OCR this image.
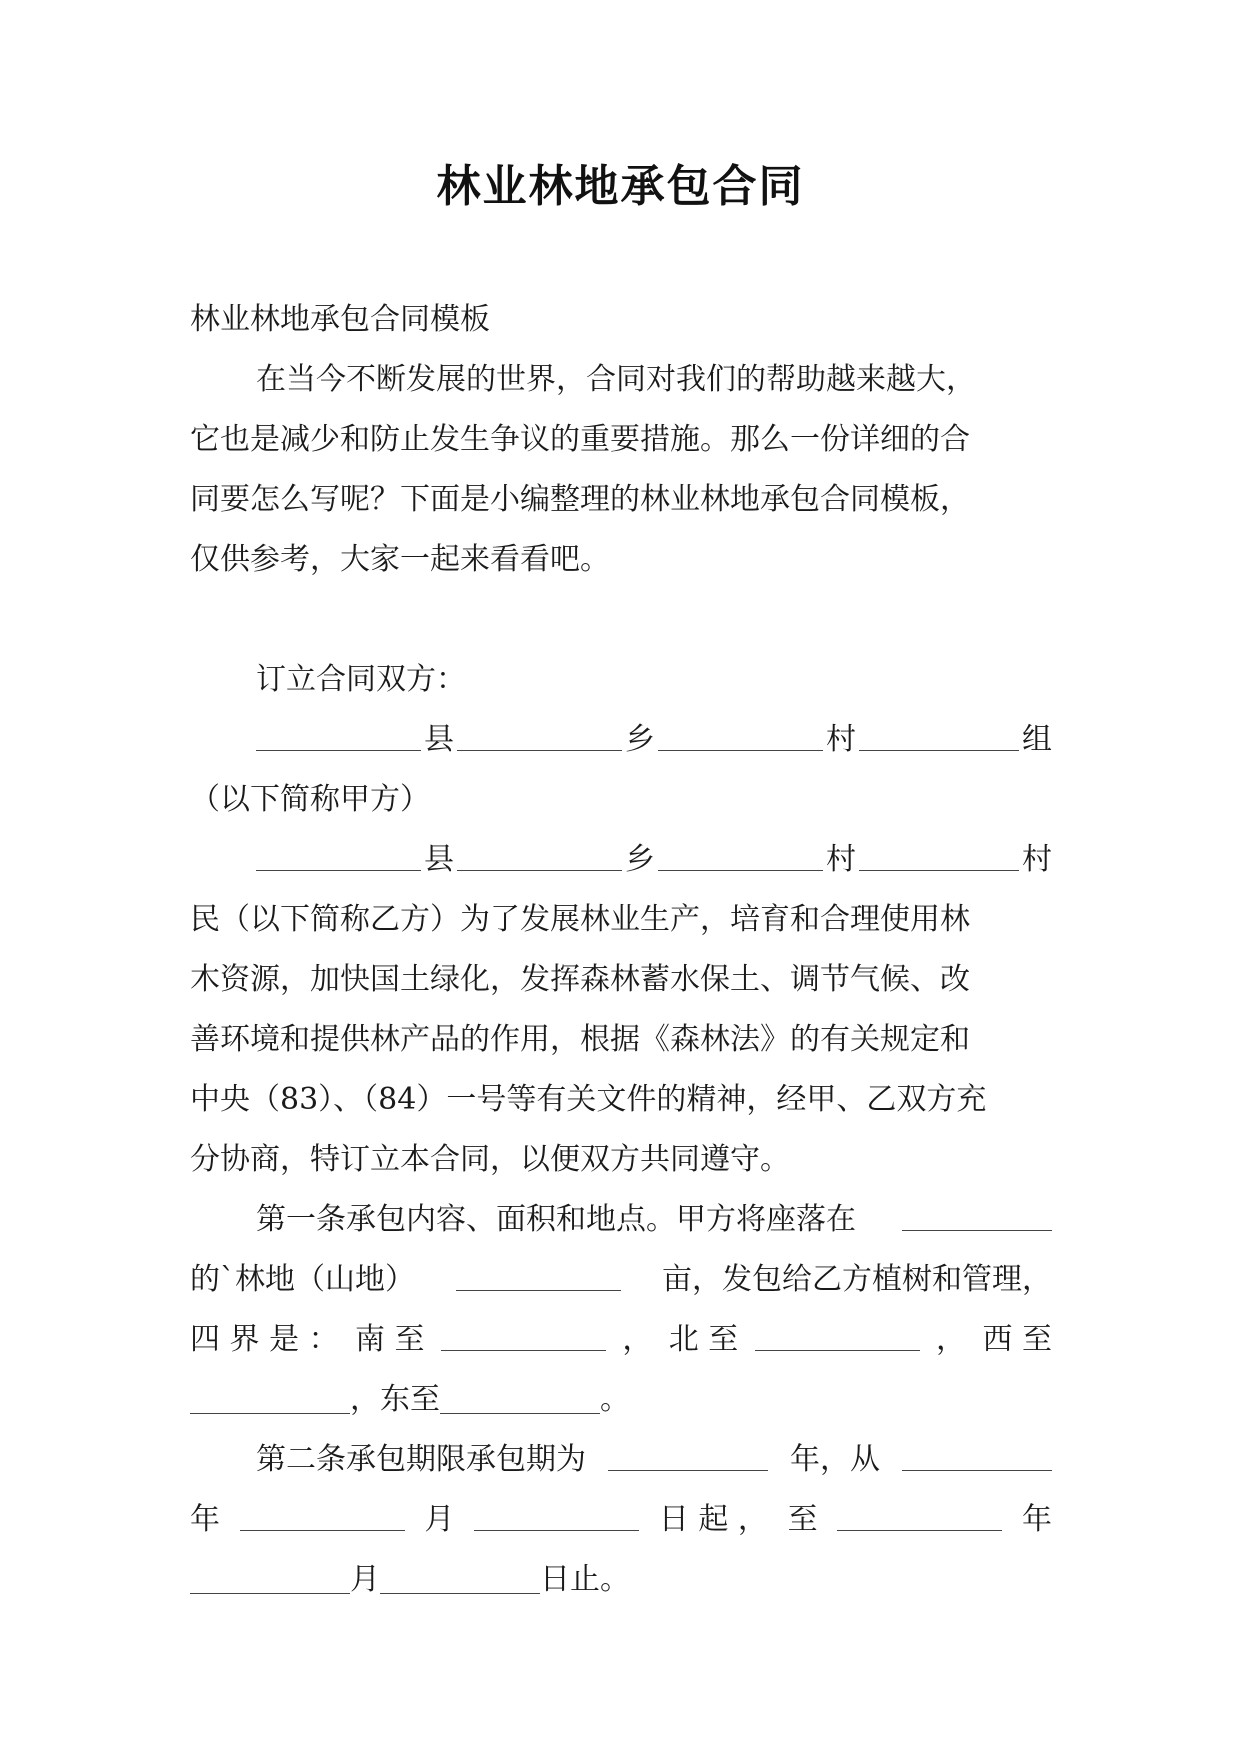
林业林地承包合同
林业林地承包合同模板
在当今不断发展的世界，合同对我们的帮助越来越大，
它也是减少和防止发生争议的重要措施。那么一份详细的合
同要怎么写呢？下面是小编整理的林业林地承包合同模板，
仅供参考，大家一起来看看吧。
订立合同双方：
县	乡	村	组
（以下简称甲方）
县	乡	村	村
民（以下简称乙方）为了发展林业生产，培育和合理使用林
木资源，加快国土绿化，发挥森林蓄水保土、调节气候、改
善环境和提供林产品的作用，根据《森林法》的有关规定和
中央（83）、（84）一号等有关文件的精神，经甲、乙双方充
分协商，特订立本合同，以便双方共同遵守。
第一条承包内容、面积和地点。甲方将座落在
的`林地（山地）	亩，发包给乙方植树和管理，
四 界 是 ： 南 至	， 北 至	， 西 至
，东至	。
第二条承包期限承包期为	年，从
年	月	日 起 ， 至	年
月	日止。
